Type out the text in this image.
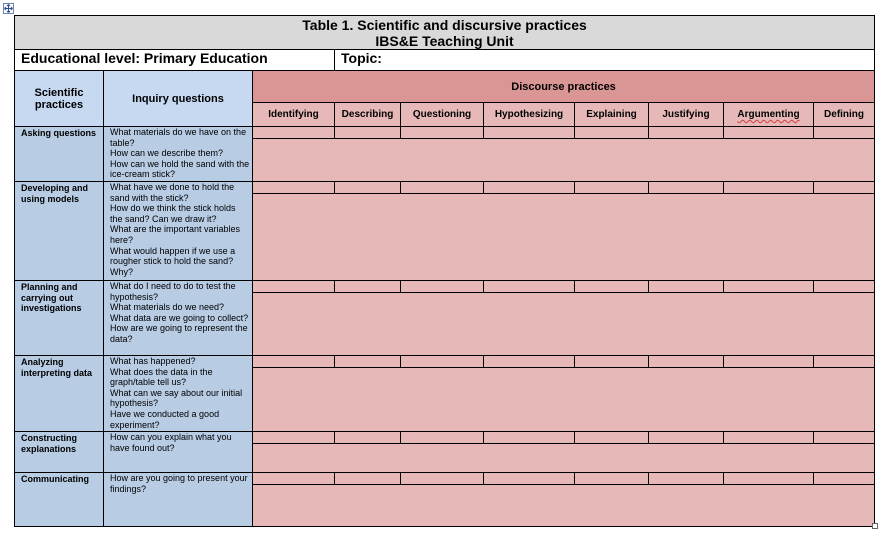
Table 1. Scientific and discursive practices
IBS&E Teaching Unit									

Educational level: Primary Education			Topic:						
Scientific practices	Inquiry questions	Discourse practices							
		Identifying	Describing	Questioning	Hypothesizing	Explaining	Justifying	Argumenting	Defining
Asking questions	What materials do we have on the table?
How can we describe them?
How can we hold the sand with the ice-cream stick?								

Developing and using models	What have we done to hold the sand with the stick?
How do we think the stick holds the sand? Can we draw it?
What are the important variables here?
What would happen if we use a rougher stick to hold the sand? Why?								

Planning and carrying out investigations	What do I need to do to test the hypothesis?
What materials do we need?
What data are we going to collect?
How are we going to represent the data?								

Analyzing interpreting data	What has happened?
What does the data in the graph/table tell us?
What can we say about our initial hypothesis?
Have we conducted a good experiment?								

Constructing explanations	How can you explain what you have found out?								

Communicating	How are you going to present your findings?								
